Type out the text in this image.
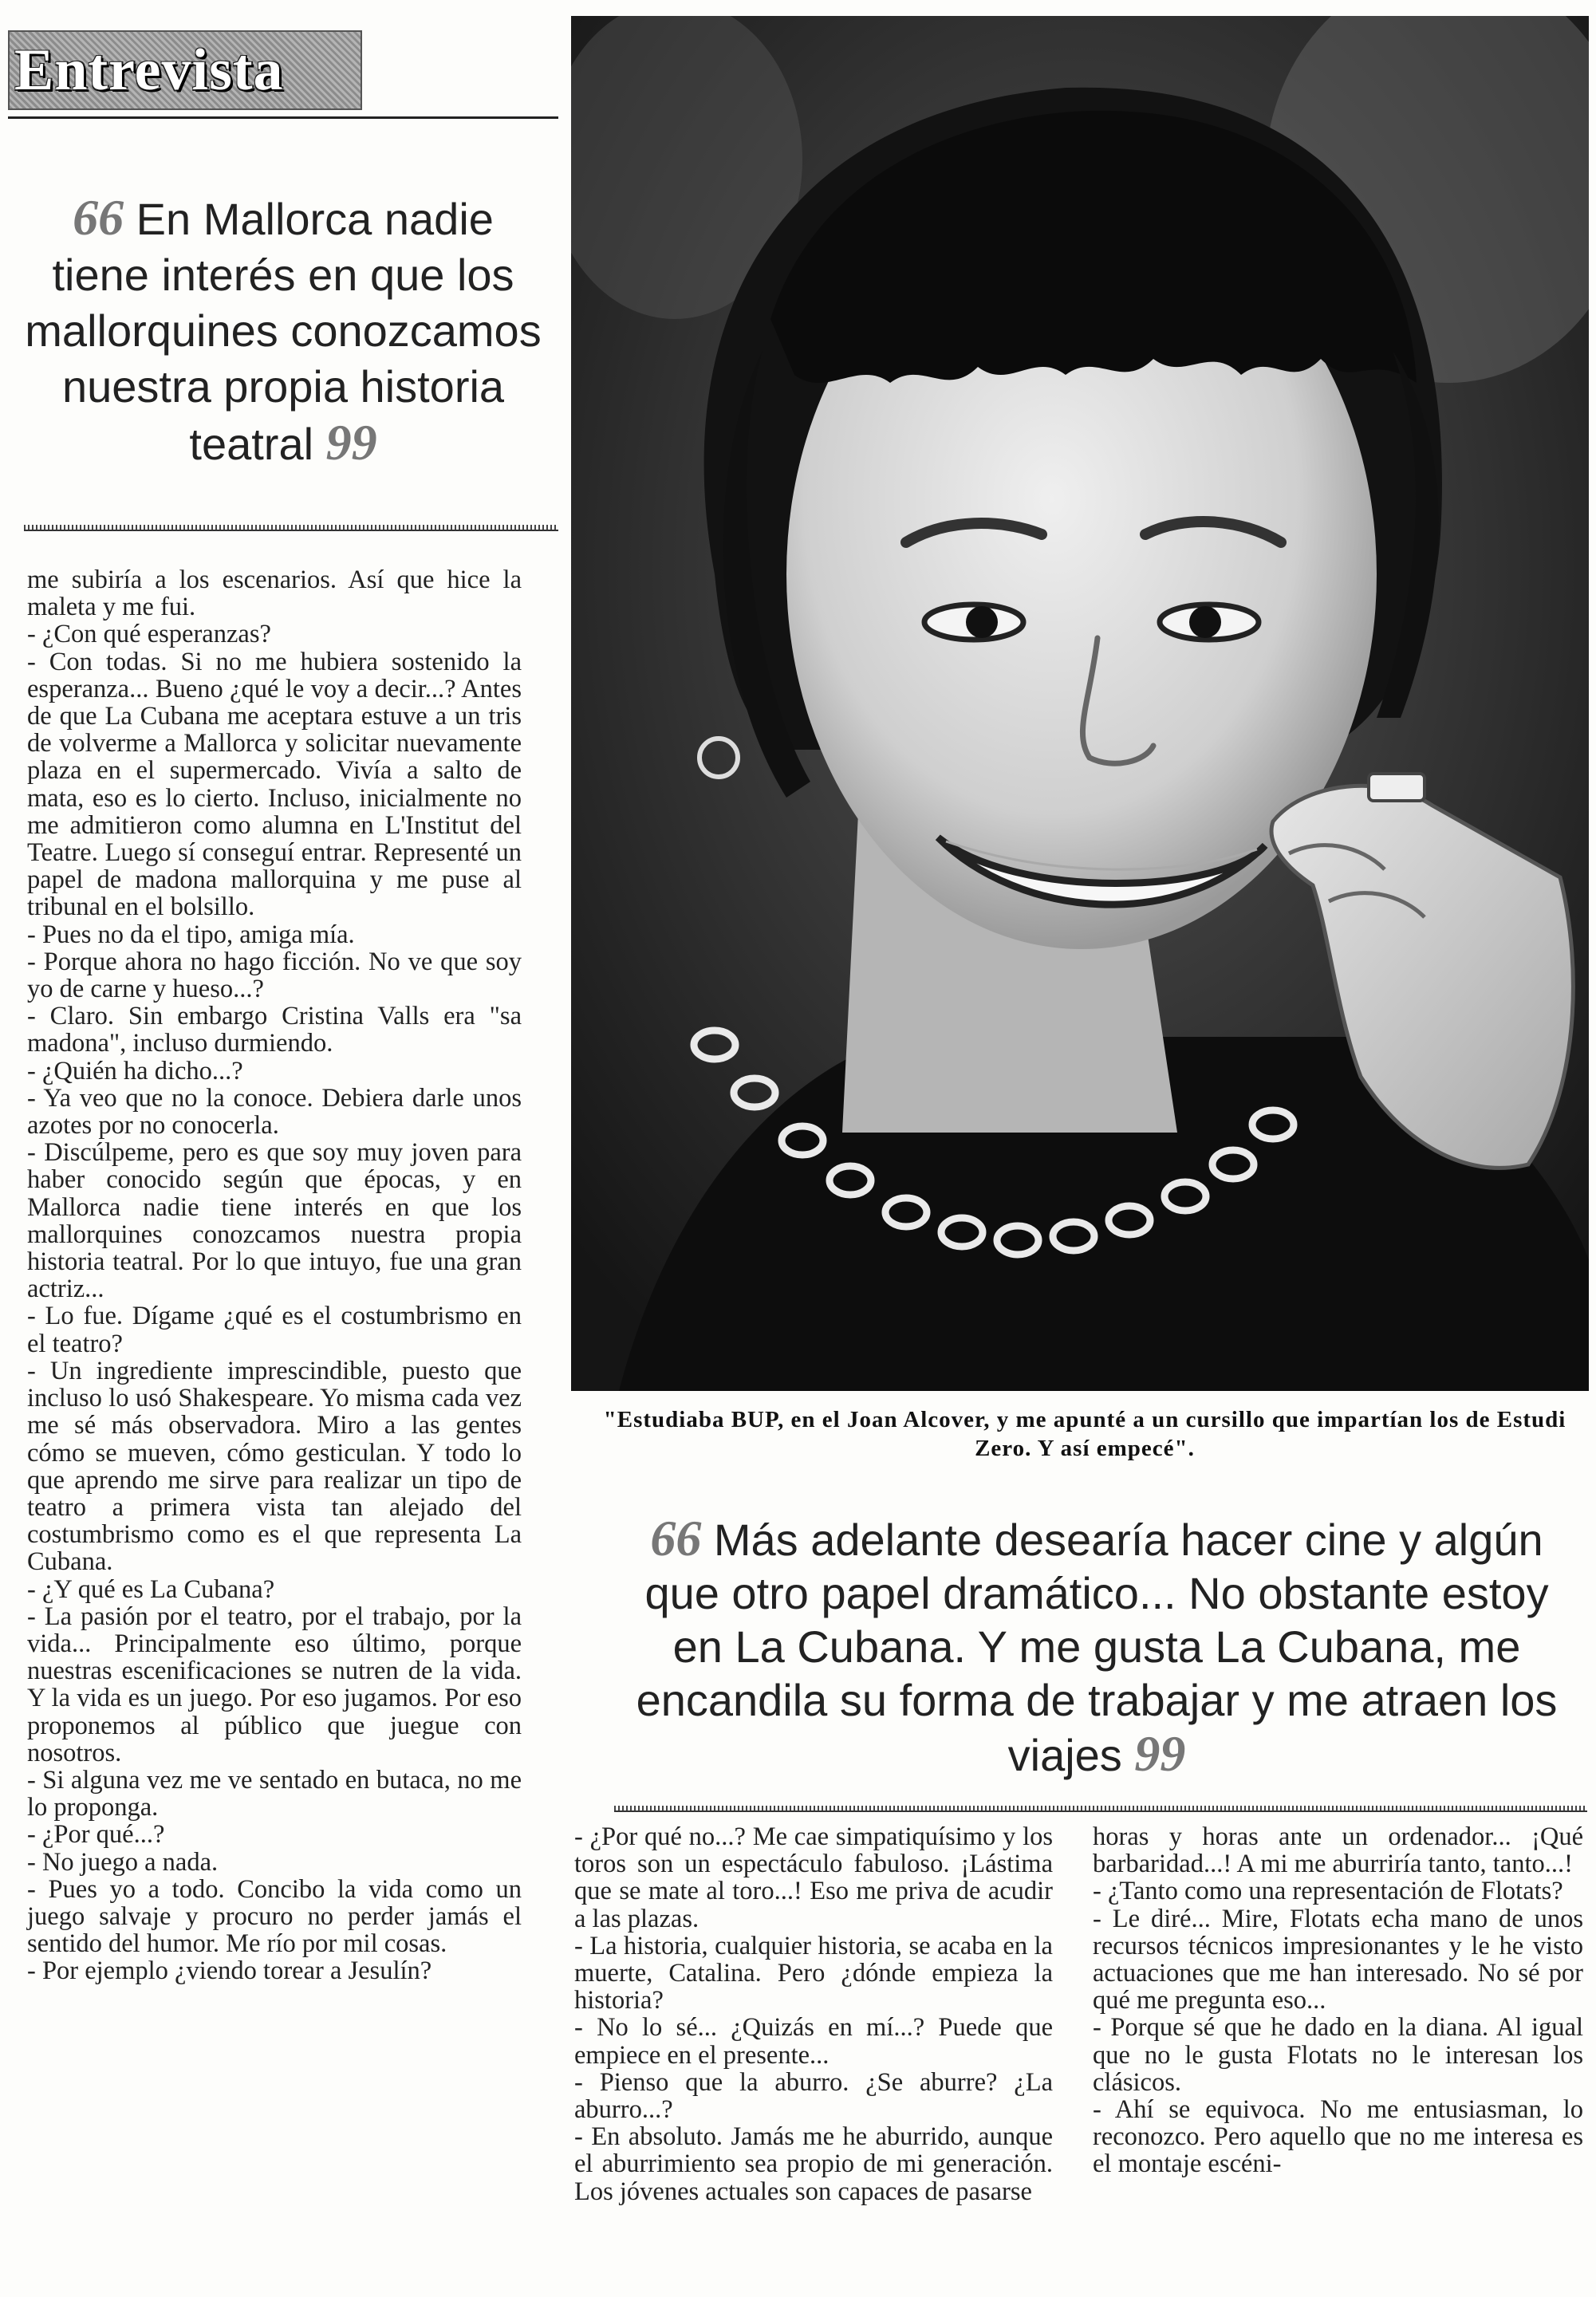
Entrevista

66 En Mallorca nadie tiene interés en que los mallorquines conozcamos nuestra propia historia teatral 99

me subiría a los escenarios. Así que hice la maleta y me fui.

- ¿Con qué esperanzas?

- Con todas. Si no me hubiera sostenido la esperanza... Bueno ¿qué le voy a decir...? Antes de que La Cubana me aceptara estuve a un tris de volverme a Mallorca y solicitar nuevamente plaza en el supermercado. Vivía a salto de mata, eso es lo cierto. Incluso, inicialmente no me admitieron como alumna en L'Institut del Teatre. Luego sí conseguí entrar. Representé un papel de madona mallorquina y me puse al tribunal en el bolsillo.

- Pues no da el tipo, amiga mía.

- Porque ahora no hago ficción. No ve que soy yo de carne y hueso...?

- Claro. Sin embargo Cristina Valls era "sa madona", incluso durmiendo.

- ¿Quién ha dicho...?

- Ya veo que no la conoce. Debiera darle unos azotes por no conocerla.

- Discúlpeme, pero es que soy muy joven para haber conocido según que épocas, y en Mallorca nadie tiene interés en que los mallorquines conozcamos nuestra propia historia teatral. Por lo que intuyo, fue una gran actriz...

- Lo fue. Dígame ¿qué es el costumbrismo en el teatro?

- Un ingrediente imprescindible, puesto que incluso lo usó Shakespeare. Yo misma cada vez me sé más observadora. Miro a las gentes cómo se mueven, cómo gesticulan. Y todo lo que aprendo me sirve para realizar un tipo de teatro a primera vista tan alejado del costumbrismo como es el que representa La Cubana.

- ¿Y qué es La Cubana?

- La pasión por el teatro, por el trabajo, por la vida... Principalmente eso último, porque nuestras escenificaciones se nutren de la vida. Y la vida es un juego. Por eso jugamos. Por eso proponemos al público que juegue con nosotros.

- Si alguna vez me ve sentado en butaca, no me lo proponga.

- ¿Por qué...?

- No juego a nada.

- Pues yo a todo. Concibo la vida como un juego salvaje y procuro no perder jamás el sentido del humor. Me río por mil cosas.

- Por ejemplo ¿viendo torear a Jesulín?

"Estudiaba BUP, en el Joan Alcover, y me apunté a un cursillo que impartían los de Estudi Zero. Y así empecé".

66 Más adelante desearía hacer cine y algún que otro papel dramático... No obstante estoy en La Cubana. Y me gusta La Cubana, me encandila su forma de trabajar y me atraen los viajes 99

- ¿Por qué no...? Me cae simpatiquísimo y los toros son un espectáculo fabuloso. ¡Lástima que se mate al toro...! Eso me priva de acudir a las plazas.

- La historia, cualquier historia, se acaba en la muerte, Catalina. Pero ¿dónde empieza la historia?

- No lo sé... ¿Quizás en mí...? Puede que empiece en el presente...

- Pienso que la aburro. ¿Se aburre? ¿La aburro...?

- En absoluto. Jamás me he aburrido, aunque el aburrimiento sea propio de mi generación. Los jóvenes actuales son capaces de pasarse

horas y horas ante un ordenador... ¡Qué barbaridad...! A mi me aburriría tanto, tanto...!

- ¿Tanto como una representación de Flotats?

- Le diré... Mire, Flotats echa mano de unos recursos técnicos impresionantes y le he visto actuaciones que me han interesado. No sé por qué me pregunta eso...

- Porque sé que he dado en la diana. Al igual que no le gusta Flotats no le interesan los clásicos.

- Ahí se equivoca. No me entusiasman, lo reconozco. Pero aquello que no me interesa es el montaje escéni-
